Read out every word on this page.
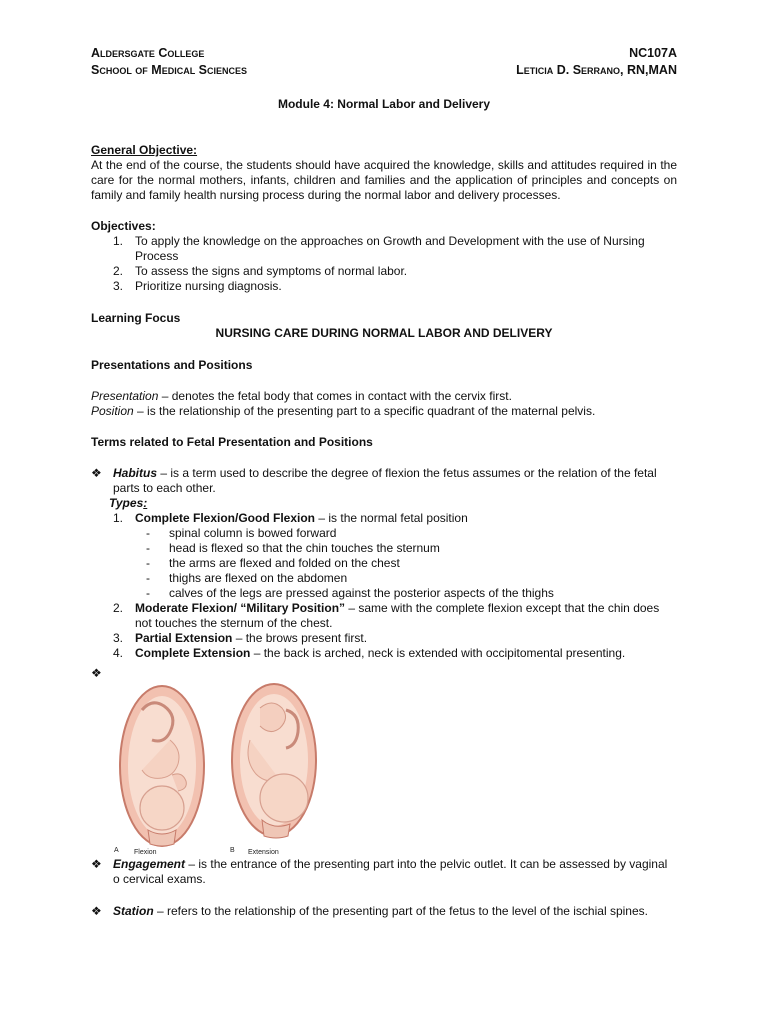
Aldersgate College
School of Medical Sciences
NC107A
Leticia D. Serrano, RN,MAN
Module 4: Normal Labor and Delivery
General Objective:
At the end of the course, the students should have acquired the knowledge, skills and attitudes required in the care for the normal mothers, infants, children and families and the application of principles and concepts on family and family health nursing process during the normal labor and delivery processes.
Objectives:
1. To apply the knowledge on the approaches on Growth and Development with the use of Nursing Process
2. To assess the signs and symptoms of normal labor.
3. Prioritize nursing diagnosis.
Learning Focus
NURSING CARE DURING NORMAL LABOR AND DELIVERY
Presentations and Positions
Presentation – denotes the fetal body that comes in contact with the cervix first.
Position – is the relationship of the presenting part to a specific quadrant of the maternal pelvis.
Terms related to Fetal Presentation and Positions
❖ Habitus – is a term used to describe the degree of flexion the fetus assumes or the relation of the fetal parts to each other.
Types:
1. Complete Flexion/Good Flexion – is the normal fetal position
- spinal column is bowed forward
- head is flexed so that the chin touches the sternum
- the arms are flexed and folded on the chest
- thighs are flexed on the abdomen
- calves of the legs are pressed against the posterior aspects of the thighs
2. Moderate Flexion/ “Military Position” – same with the complete flexion except that the chin does not touches the sternum of the chest.
3. Partial Extension – the brows present first.
4. Complete Extension – the back is arched, neck is extended with occipitomental presenting.
❖
A Flexion	B Extension
❖ Engagement – is the entrance of the presenting part into the pelvic outlet. It can be assessed by vaginal o cervical exams.
❖ Station – refers to the relationship of the presenting part of the fetus to the level of the ischial spines.
